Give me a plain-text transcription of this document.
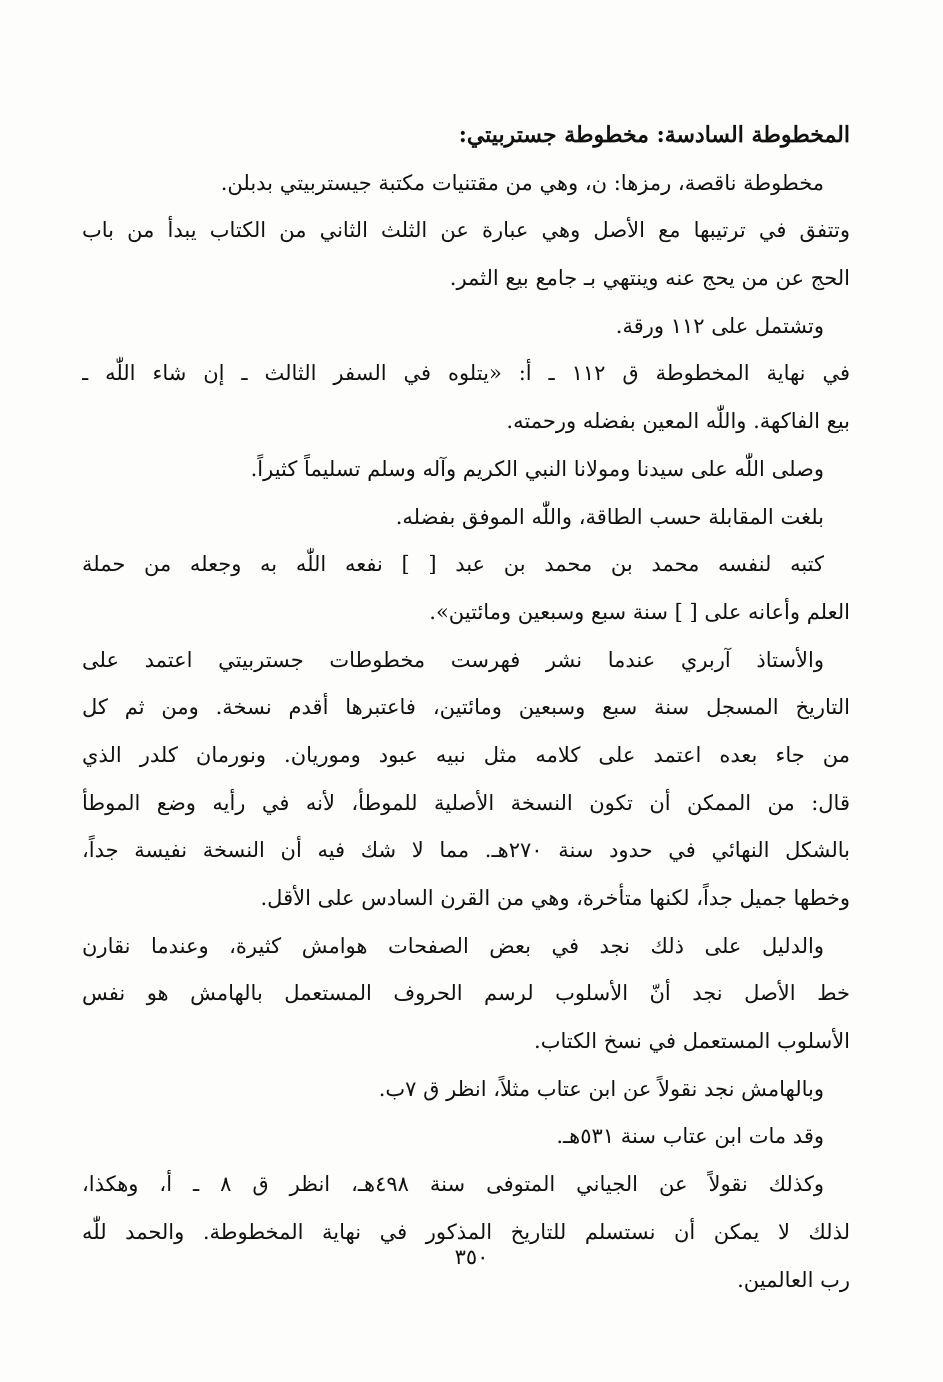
المخطوطة السادسة: مخطوطة جستربيتي:
مخطوطة ناقصة، رمزها: ن، وهي من مقتنيات مكتبة جيستربيتي بدبلن.
وتتفق في ترتيبها مع الأصل وهي عبارة عن الثلث الثاني من الكتاب يبدأ من باب
الحج عن من يحج عنه وينتهي بـ جامع بيع الثمر.
وتشتمل على ١١٢ ورقة.
في نهاية المخطوطة ق ١١٢ ـ أ: «يتلوه في السفر الثالث ـ إن شاء اللّٰه ـ
بيع الفاكهة. واللّٰه المعين بفضله ورحمته.
وصلى اللّٰه على سيدنا ومولانا النبي الكريم وآله وسلم تسليماً كثيراً.
بلغت المقابلة حسب الطاقة، واللّٰه الموفق بفضله.
كتبه لنفسه محمد بن محمد بن عبد [ ] نفعه اللّٰه به وجعله من حملة
العلم وأعانه على [ ] سنة سبع وسبعين ومائتين».
والأستاذ آربري عندما نشر فهرست مخطوطات جستربيتي اعتمد على
التاريخ المسجل سنة سبع وسبعين ومائتين، فاعتبرها أقدم نسخة. ومن ثم كل
من جاء بعده اعتمد على كلامه مثل نبيه عبود وموريان. ونورمان كلدر الذي
قال: من الممكن أن تكون النسخة الأصلية للموطأ، لأنه في رأيه وضع الموطأ
بالشكل النهائي في حدود سنة ٢٧٠هـ. مما لا شك فيه أن النسخة نفيسة جداً،
وخطها جميل جداً، لكنها متأخرة، وهي من القرن السادس على الأقل.
والدليل على ذلك نجد في بعض الصفحات هوامش كثيرة، وعندما نقارن
خط الأصل نجد أنّ الأسلوب لرسم الحروف المستعمل بالهامش هو نفس
الأسلوب المستعمل في نسخ الكتاب.
وبالهامش نجد نقولاً عن ابن عتاب مثلاً، انظر ق ٧ب.
وقد مات ابن عتاب سنة ٥٣١هـ.
وكذلك نقولاً عن الجياني المتوفى سنة ٤٩٨هـ، انظر ق ٨ ـ أ، وهكذا،
لذلك لا يمكن أن نستسلم للتاريخ المذكور في نهاية المخطوطة. والحمد للّٰه
رب العالمين.
٣٥٠
